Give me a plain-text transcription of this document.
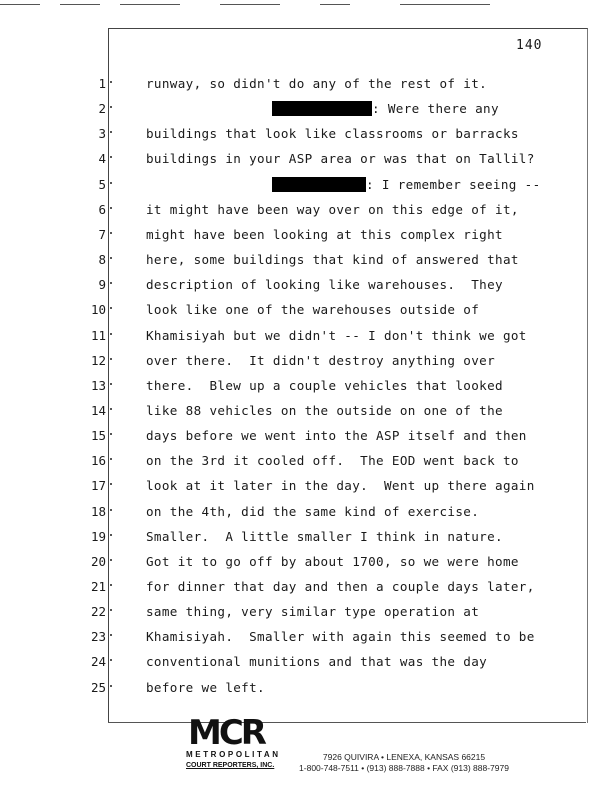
140
1	runway, so didn't do any of the rest of it.
2	: Were there any
3	buildings that look like classrooms or barracks
4	buildings in your ASP area or was that on Tallil?
5	: I remember seeing --
6	it might have been way over on this edge of it,
7	might have been looking at this complex right
8	here, some buildings that kind of answered that
9	description of looking like warehouses.  They
10	look like one of the warehouses outside of
11	Khamisiyah but we didn't -- I don't think we got
12	over there.  It didn't destroy anything over
13	there.  Blew up a couple vehicles that looked
14	like 88 vehicles on the outside on one of the
15	days before we went into the ASP itself and then
16	on the 3rd it cooled off.  The EOD went back to
17	look at it later in the day.  Went up there again
18	on the 4th, did the same kind of exercise.
19	Smaller.  A little smaller I think in nature.
20	Got it to go off by about 1700, so we were home
21	for dinner that day and then a couple days later,
22	same thing, very similar type operation at
23	Khamisiyah.  Smaller with again this seemed to be
24	conventional munitions and that was the day
25	before we left.
MCR
METROPOLITAN
COURT REPORTERS, INC.
7926 QUIVIRA • LENEXA, KANSAS 66215
1-800-748-7511 • (913) 888-7888 • FAX (913) 888-7979
